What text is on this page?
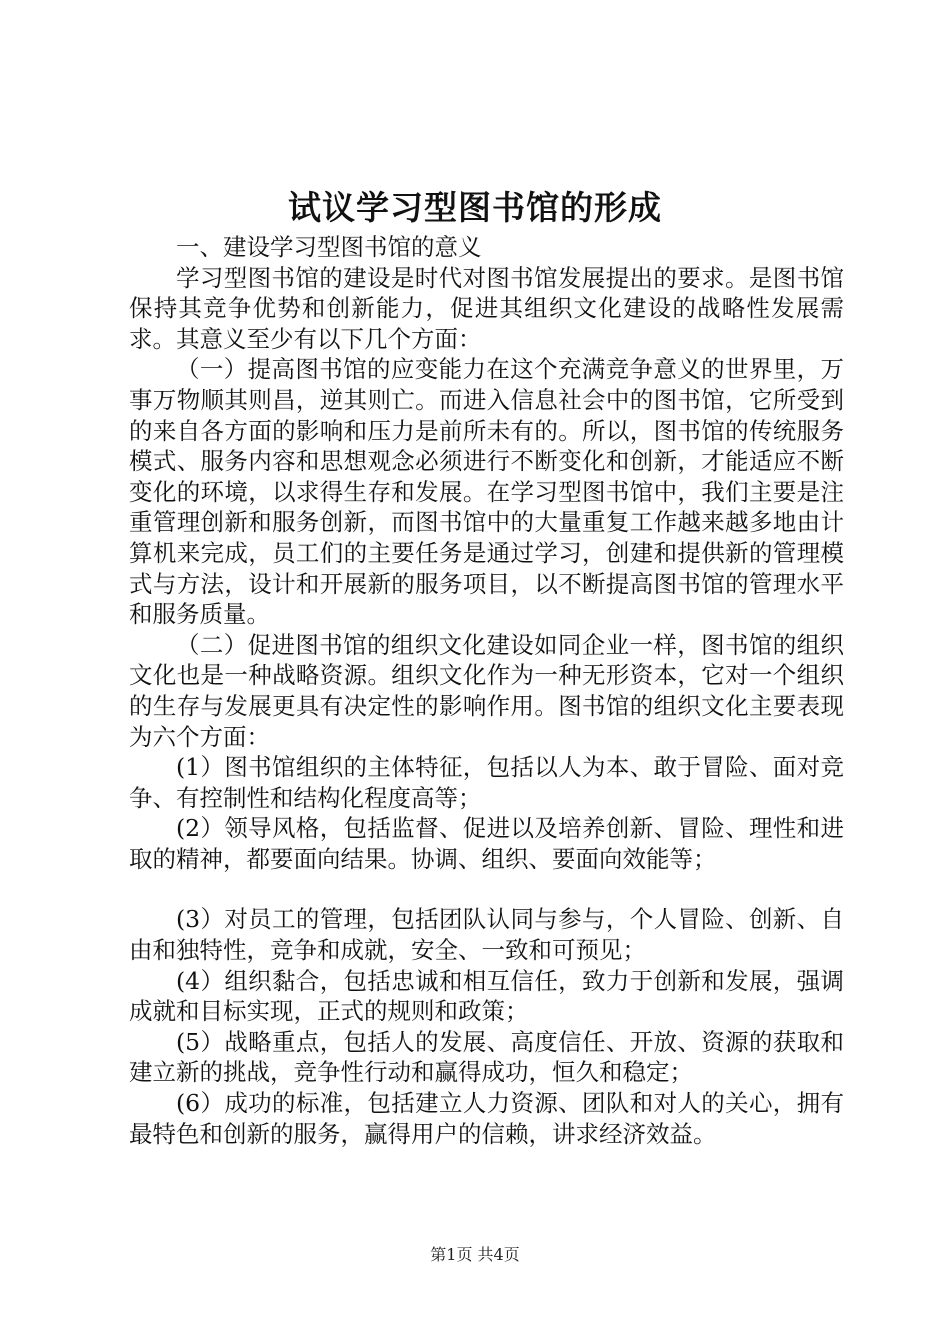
试议学习型图书馆的形成

一、建设学习型图书馆的意义

学习型图书馆的建设是时代对图书馆发展提出的要求。是图书馆保持其竞争优势和创新能力，促进其组织文化建设的战略性发展需求。其意义至少有以下几个方面：

（一）提高图书馆的应变能力在这个充满竞争意义的世界里，万事万物顺其则昌，逆其则亡。而进入信息社会中的图书馆，它所受到的来自各方面的影响和压力是前所未有的。所以，图书馆的传统服务模式、服务内容和思想观念必须进行不断变化和创新，才能适应不断变化的环境，以求得生存和发展。在学习型图书馆中，我们主要是注重管理创新和服务创新，而图书馆中的大量重复工作越来越多地由计算机来完成，员工们的主要任务是通过学习，创建和提供新的管理模式与方法，设计和开展新的服务项目，以不断提高图书馆的管理水平和服务质量。

（二）促进图书馆的组织文化建设如同企业一样，图书馆的组织文化也是一种战略资源。组织文化作为一种无形资本，它对一个组织的生存与发展更具有决定性的影响作用。图书馆的组织文化主要表现为六个方面：

(1）图书馆组织的主体特征，包括以人为本、敢于冒险、面对竞争、有控制性和结构化程度高等；

(2）领导风格，包括监督、促进以及培养创新、冒险、理性和进取的精神，都要面向结果。协调、组织、要面向效能等；

(3）对员工的管理，包括团队认同与参与，个人冒险、创新、自由和独特性，竞争和成就，安全、一致和可预见；

(4）组织黏合，包括忠诚和相互信任，致力于创新和发展，强调成就和目标实现，正式的规则和政策；

(5）战略重点，包括人的发展、高度信任、开放、资源的获取和建立新的挑战，竞争性行动和赢得成功，恒久和稳定；

(6）成功的标准，包括建立人力资源、团队和对人的关心，拥有最特色和创新的服务，赢得用户的信赖，讲求经济效益。

第1页 共4页
